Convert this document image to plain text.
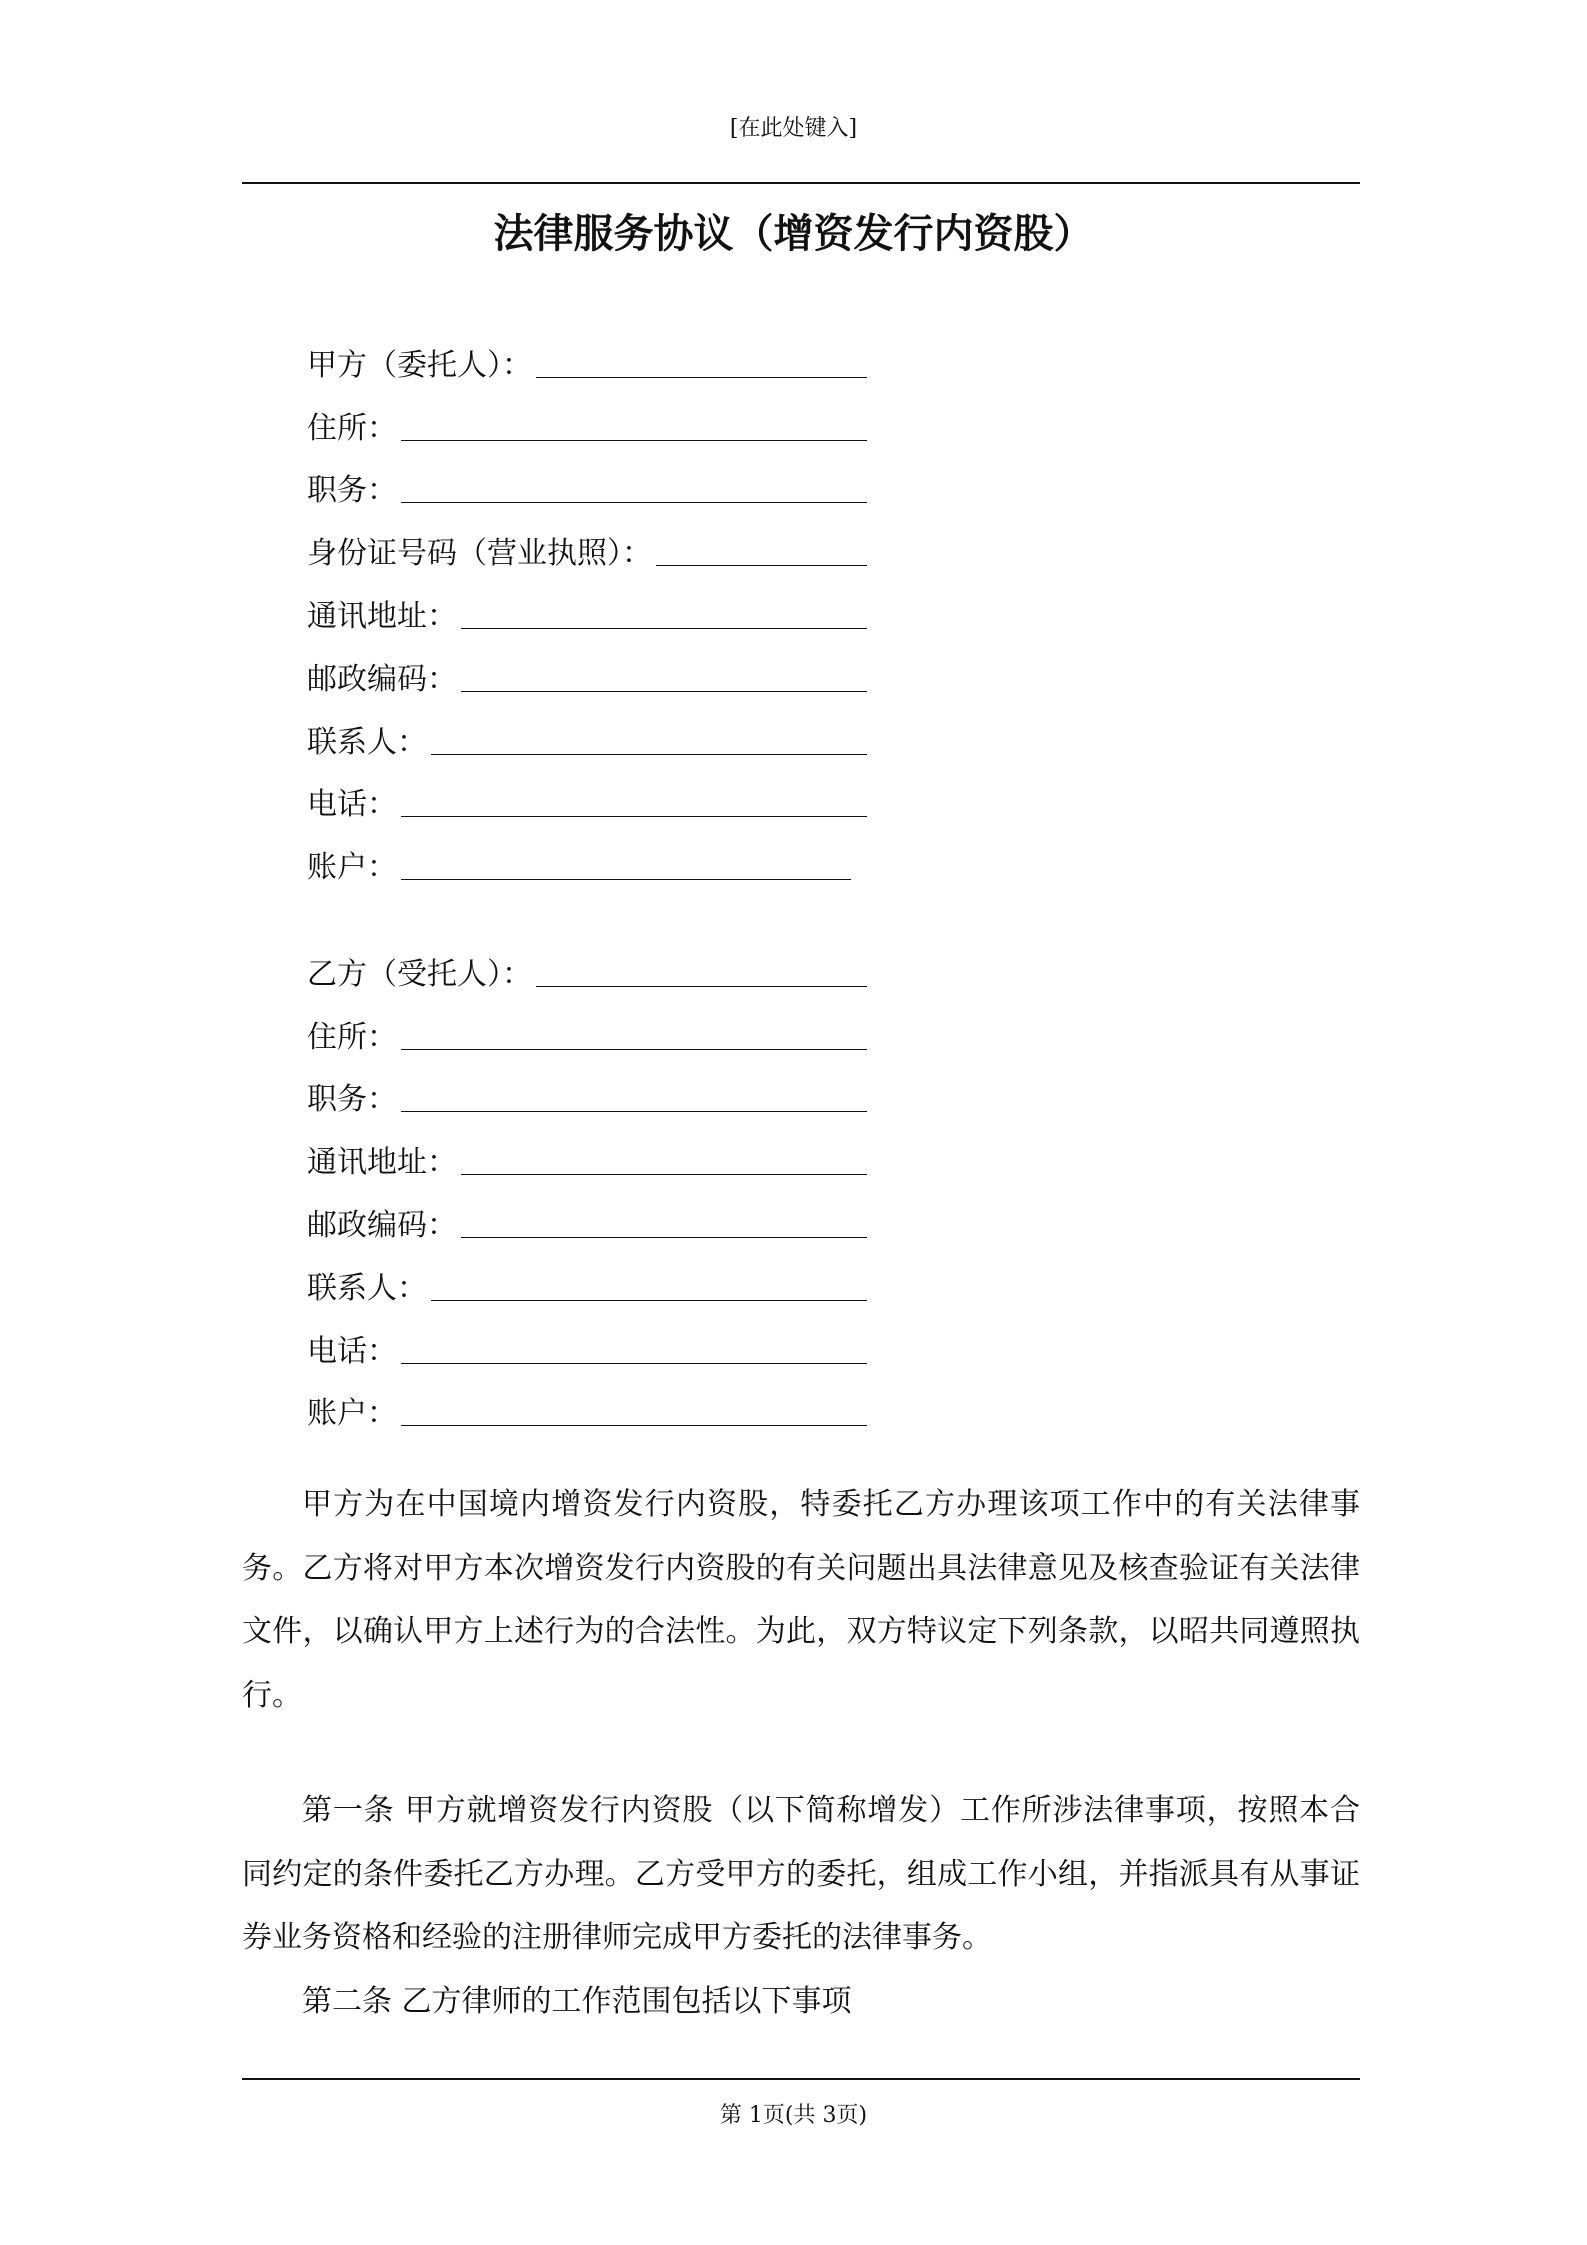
[在此处键入]
法律服务协议（增资发行内资股）
甲方（委托人）：
住所：
职务：
身份证号码（营业执照）：
通讯地址：
邮政编码：
联系人：
电话：
账户：
乙方（受托人）：
住所：
职务：
通讯地址：
邮政编码：
联系人：
电话：
账户：

甲方为在中国境内增资发行内资股，特委托乙方办理该项工作中的有关法律事务。乙方将对甲方本次增资发行内资股的有关问题出具法律意见及核查验证有关法律文件，以确认甲方上述行为的合法性。为此，双方特议定下列条款，以昭共同遵照执行。

第一条 甲方就增资发行内资股（以下简称增发）工作所涉法律事项，按照本合同约定的条件委托乙方办理。乙方受甲方的委托，组成工作小组，并指派具有从事证券业务资格和经验的注册律师完成甲方委托的法律事务。

第二条 乙方律师的工作范围包括以下事项

第 1页(共 3页)
